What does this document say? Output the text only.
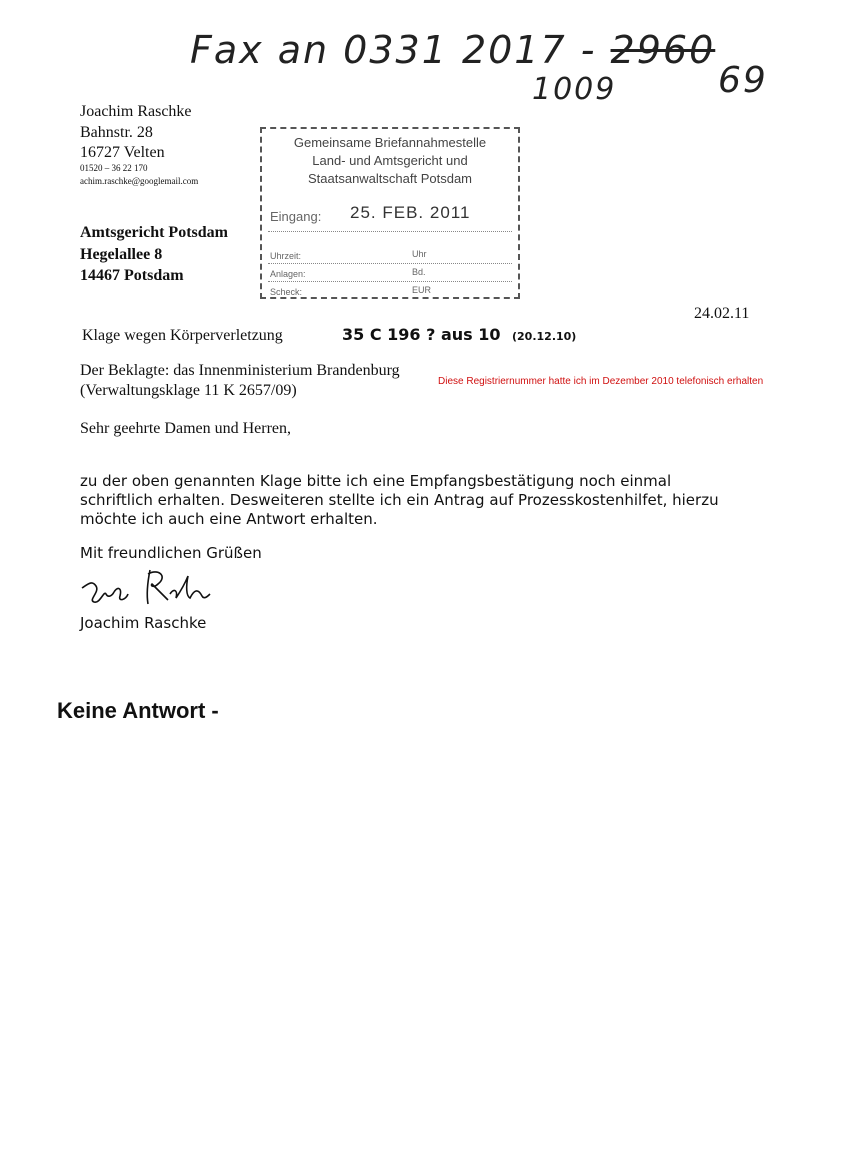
Fax an 0331 2017 - 2960
1009	69
Joachim Raschke
Bahnstr. 28
16727 Velten
01520 – 36 22 170
achim.raschke@googlemail.com
Amtsgericht Potsdam
Hegelallee 8
14467 Potsdam
Gemeinsame Briefannahmestelle
Land- und Amtsgericht und
Staatsanwaltschaft Potsdam
Eingang: 25. FEB. 2011
Uhrzeit:	Uhr
Anlagen:	Bd.
Scheck:	EUR
24.02.11
Klage wegen Körperverletzung	35 C 196 ? aus 10 (20.12.10)
Der Beklagte: das Innenministerium Brandenburg
(Verwaltungsklage 11 K 2657/09)
Diese Registriernummer hatte ich im Dezember 2010 telefonisch erhalten
Sehr geehrte Damen und Herren,
zu der oben genannten Klage bitte ich eine Empfangsbestätigung noch einmal
schriftlich erhalten. Desweiteren stellte ich ein Antrag auf Prozesskostenhilfet, hierzu
möchte ich auch eine Antwort erhalten.
Mit freundlichen Grüßen
Joachim Raschke
Keine Antwort -
